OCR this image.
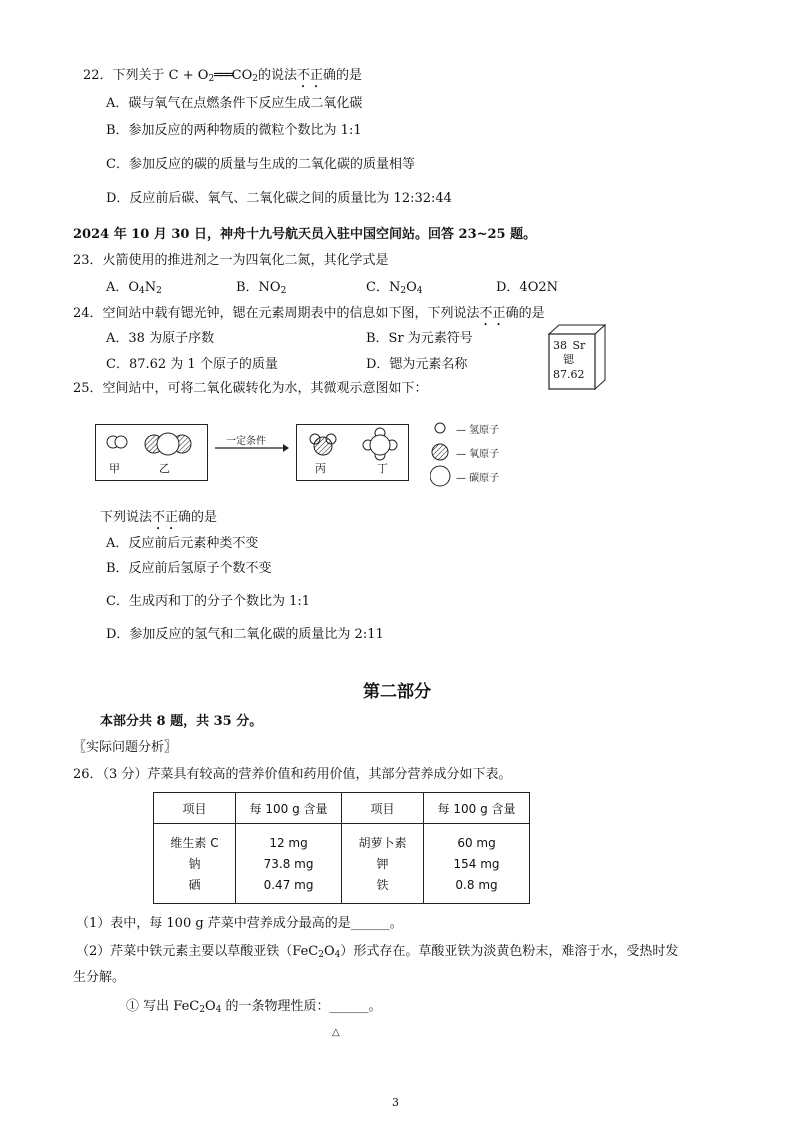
22．下列关于 $C + O_2═══CO_2$的说法不正确的是
A．碳与氧气在点燃条件下反应生成二氧化碳
B．参加反应的两种物质的微粒个数比为 1:1
C．参加反应的碳的质量与生成的二氧化碳的质量相等
D．反应前后碳、氧气、二氧化碳之间的质量比为 12:32:44
2024 年 10 月 30 日，神舟十九号航天员入驻中国空间站。回答 23~25 题。
23．火箭使用的推进剂之一为四氧化二氮，其化学式是
A．$O_4N_2$	B．$NO_2$	C．$N_2O_4$	D．4O2N
24．空间站中载有锶光钟，锶在元素周期表中的信息如下图，下列说法不正确的是
A．38 为原子序数	B．Sr 为元素符号
C．87.62 为 1 个原子的质量	D．锶为元素名称
38 Sr
锶
87.62
25．空间站中，可将二氧化碳转化为水，其微观示意图如下：
甲	乙
一定条件
丙	丁
— 氢原子
— 氧原子
— 碳原子
下列说法不正确的是
A．反应前后元素种类不变
B．反应前后氢原子个数不变
C．生成丙和丁的分子个数比为 1:1
D．参加反应的氢气和二氧化碳的质量比为 2:11
第二部分
本部分共 8 题，共 35 分。
〖实际问题分析〗
26．（3 分）芹菜具有较高的营养价值和药用价值，其部分营养成分如下表。
项目	每 100 g 含量	项目	每 100 g 含量
维生素 C	12 mg	胡萝卜素	60 mg
钠	73.8 mg	钾	154 mg
硒	0.47 mg	铁	0.8 mg
（1）表中，每 100 g 芹菜中营养成分最高的是______。
（2）芹菜中铁元素主要以草酸亚铁$(FeC_2O_4)$形式存在。草酸亚铁为淡黄色粉末，难溶于水，受热时发
生分解。
① 写出 $FeC_2O_4$ 的一条物理性质：______。
△
3
